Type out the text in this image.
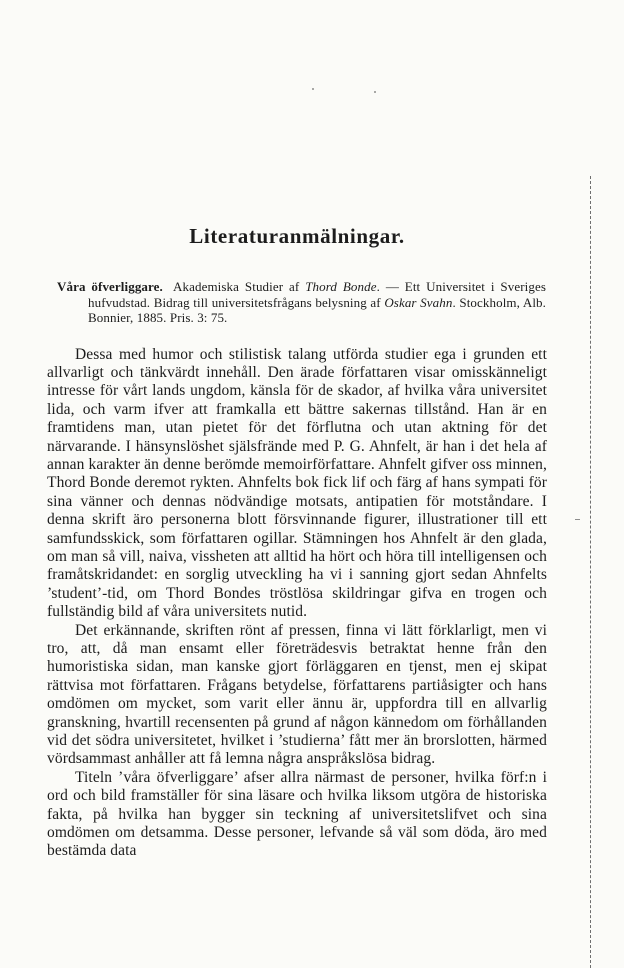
Literaturanmälningar.

Våra öfverliggare. Akademiska Studier af Thord Bonde. — Ett Universitet i Sveriges hufvudstad. Bidrag till universitetsfrågans belysning af Oskar Svahn. Stockholm, Alb. Bonnier, 1885. Pris. 3: 75.

Dessa med humor och stilistisk talang utförda studier ega i grunden ett allvarligt och tänkvärdt innehåll. Den ärade författaren visar omisskänneligt intresse för vårt lands ungdom, känsla för de skador, af hvilka våra universitet lida, och varm ifver att framkalla ett bättre sakernas tillstånd. Han är en framtidens man, utan pietet för det förflutna och utan aktning för det närvarande. I hänsynslöshet själsfrände med P. G. Ahnfelt, är han i det hela af annan karakter än denne berömde memoirförfattare. Ahnfelt gifver oss minnen, Thord Bonde deremot rykten. Ahnfelts bok fick lif och färg af hans sympati för sina vänner och dennas nödvändige motsats, antipatien för motståndare. I denna skrift äro personerna blott försvinnande figurer, illustrationer till ett samfundsskick, som författaren ogillar. Stämningen hos Ahnfelt är den glada, om man så vill, naiva, vissheten att alltid ha hört och höra till intelligensen och framåtskridandet: en sorglig utveckling ha vi i sanning gjort sedan Ahnfelts ’student’-tid, om Thord Bondes tröstlösa skildringar gifva en trogen och fullständig bild af våra universitets nutid.

Det erkännande, skriften rönt af pressen, finna vi lätt förklarligt, men vi tro, att, då man ensamt eller företrädesvis betraktat henne från den humoristiska sidan, man kanske gjort förläggaren en tjenst, men ej skipat rättvisa mot författaren. Frågans betydelse, författarens partiåsigter och hans omdömen om mycket, som varit eller ännu är, uppfordra till en allvarlig granskning, hvartill recensenten på grund af någon kännedom om förhållanden vid det södra universitetet, hvilket i ’studierna’ fått mer än brorslotten, härmed vördsammast anhåller att få lemna några anspråkslösa bidrag.

Titeln ’våra öfverliggare’ afser allra närmast de personer, hvilka förf:n i ord och bild framställer för sina läsare och hvilka liksom utgöra de historiska fakta, på hvilka han bygger sin teckning af universitetslifvet och sina omdömen om detsamma. Desse personer, lefvande så väl som döda, äro med bestämda data
